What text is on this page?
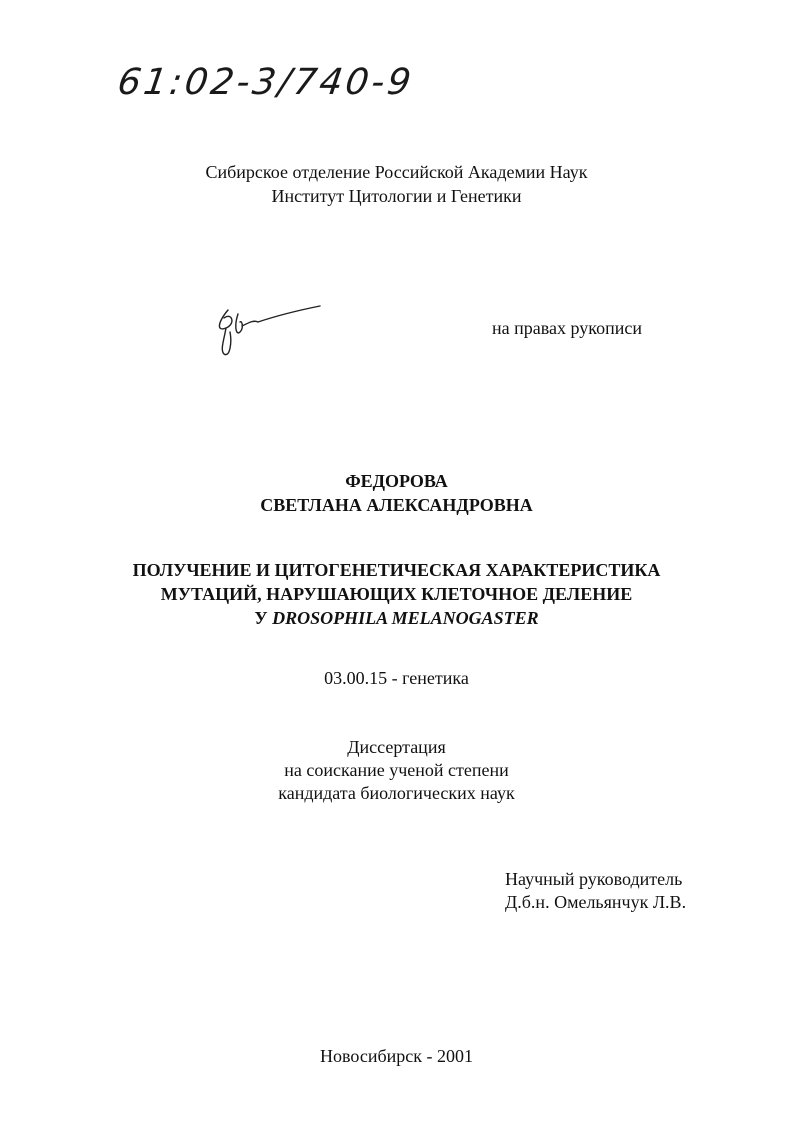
61:02-3/740-9
Сибирское отделение Российской Академии Наук
Институт Цитологии и Генетики
на правах рукописи
ФЕДОРОВА
СВЕТЛАНА АЛЕКСАНДРОВНА
ПОЛУЧЕНИЕ И ЦИТОГЕНЕТИЧЕСКАЯ ХАРАКТЕРИСТИКА
МУТАЦИЙ, НАРУШАЮЩИХ КЛЕТОЧНОЕ ДЕЛЕНИЕ
У DROSOPHILA MELANOGASTER
03.00.15 - генетика
Диссертация
на соискание ученой степени
кандидата биологических наук
Научный руководитель
Д.б.н. Омельянчук Л.В.
Новосибирск - 2001
